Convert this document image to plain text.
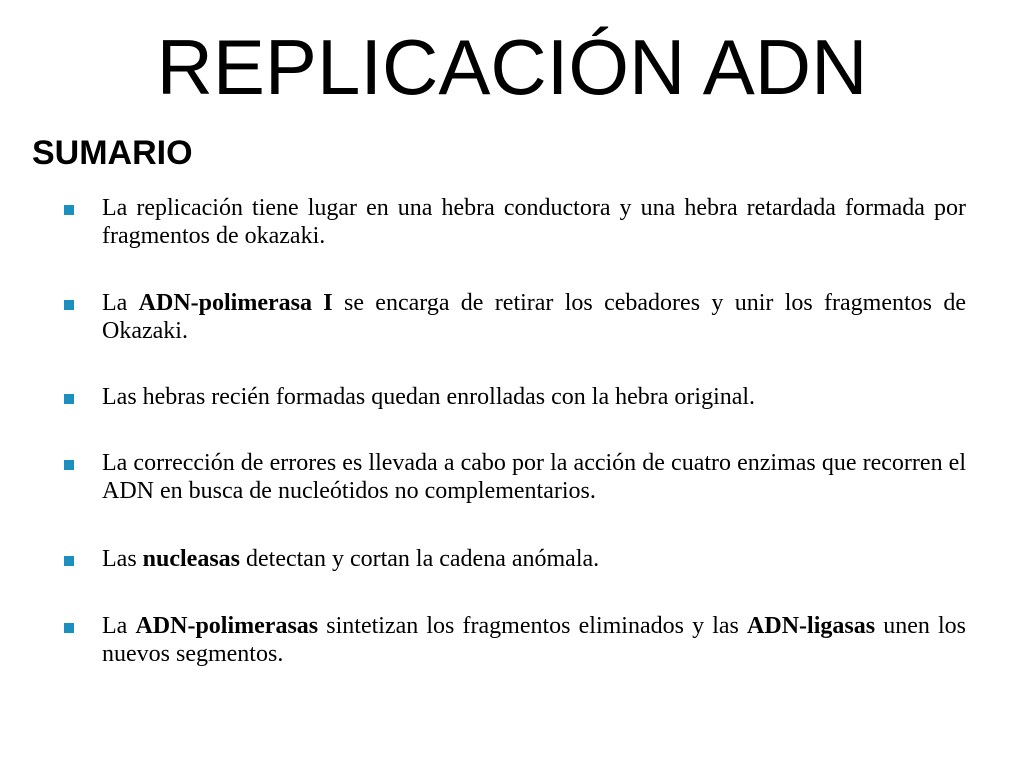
REPLICACIÓN ADN
SUMARIO
La replicación tiene lugar en una hebra conductora y una hebra retardada formada por fragmentos de okazaki.
La ADN-polimerasa I se encarga de retirar los cebadores y unir los fragmentos de Okazaki.
Las hebras recién formadas quedan enrolladas con la hebra original.
La corrección de errores es llevada a cabo por la acción de cuatro enzimas que recorren el ADN en busca de nucleótidos no complementarios.
Las nucleasas detectan y cortan la cadena anómala.
La ADN-polimerasas sintetizan los fragmentos eliminados y las ADN-ligasas unen los nuevos segmentos.
